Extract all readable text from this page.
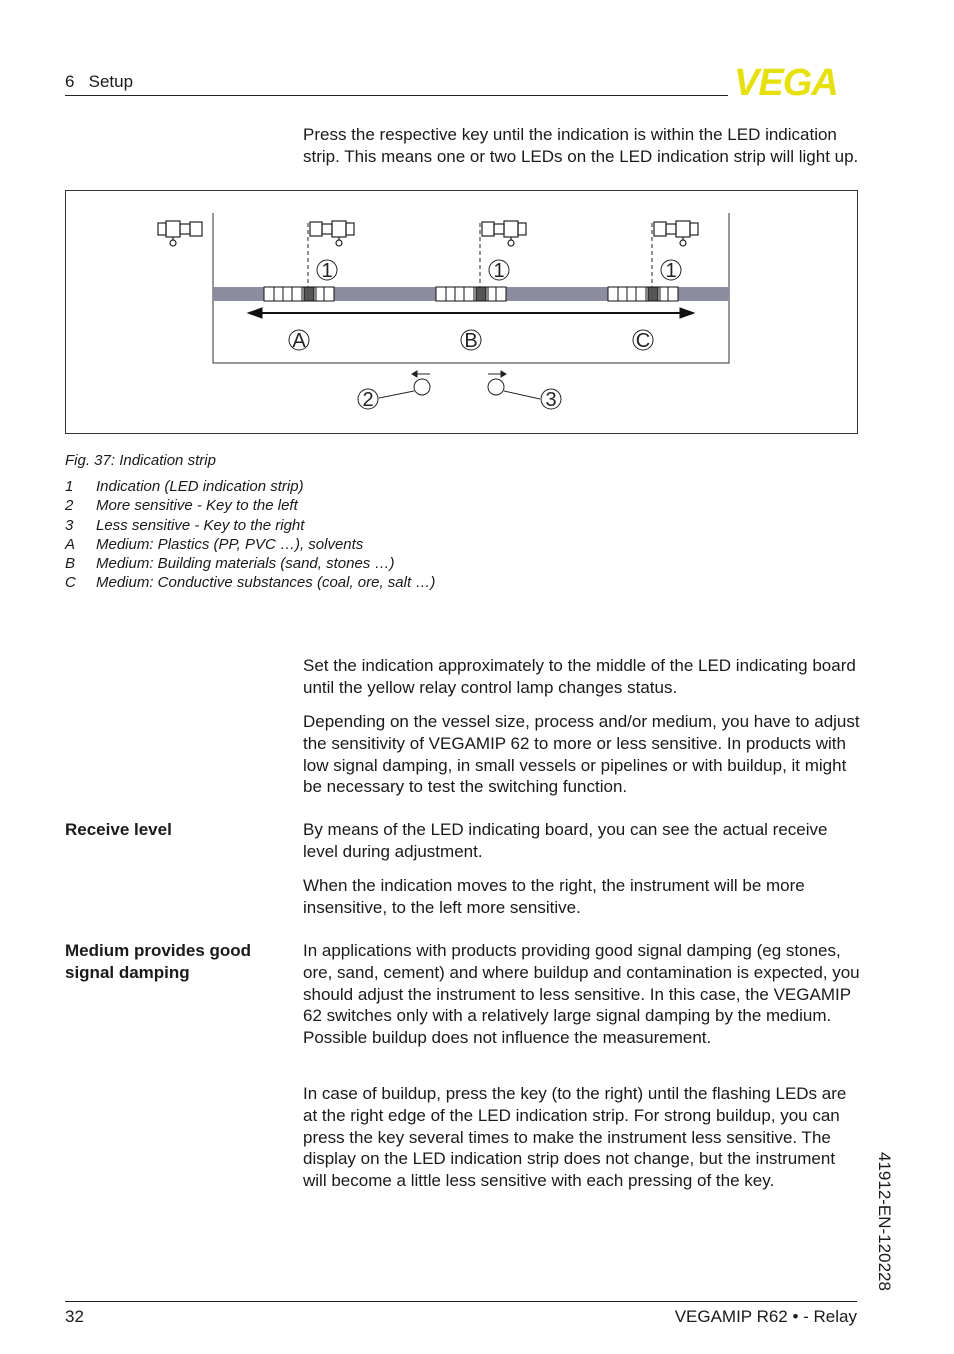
6   Setup	VEGA

Press the respective key until the indication is within the LED indication strip. This means one or two LEDs on the LED indication strip will light up.

1	1	1
A	B	C
2	3
Fig. 37: Indication strip
1	Indication (LED indication strip)
2	More sensitive - Key to the left
3	Less sensitive - Key to the right
A	Medium: Plastics (PP, PVC …), solvents
B	Medium: Building materials (sand, stones …)
C	Medium: Conductive substances (coal, ore, salt …)

Set the indication approximately to the middle of the LED indicating board until the yellow relay control lamp changes status.

Depending on the vessel size, process and/or medium, you have to adjust the sensitivity of VEGAMIP 62 to more or less sensitive. In products with low signal damping, in small vessels or pipelines or with buildup, it might be necessary to test the switching function.

Receive level	By means of the LED indicating board, you can see the actual receive level during adjustment.

When the indication moves to the right, the instrument will be more insensitive, to the left more sensitive.

Medium provides good signal damping

In applications with products providing good signal damping (eg stones, ore, sand, cement) and where buildup and contamination is expected, you should adjust the instrument to less sensitive. In this case, the VEGAMIP 62 switches only with a relatively large signal damping by the medium. Possible buildup does not influence the measurement.

In case of buildup, press the key (to the right) until the flashing LEDs are at the right edge of the LED indication strip. For strong buildup, you can press the key several times to make the instrument less sensitive. The display on the LED indication strip does not change, but the instrument will become a little less sensitive with each pressing of the key.	41912-EN-120228
32	VEGAMIP R62 • - Relay
